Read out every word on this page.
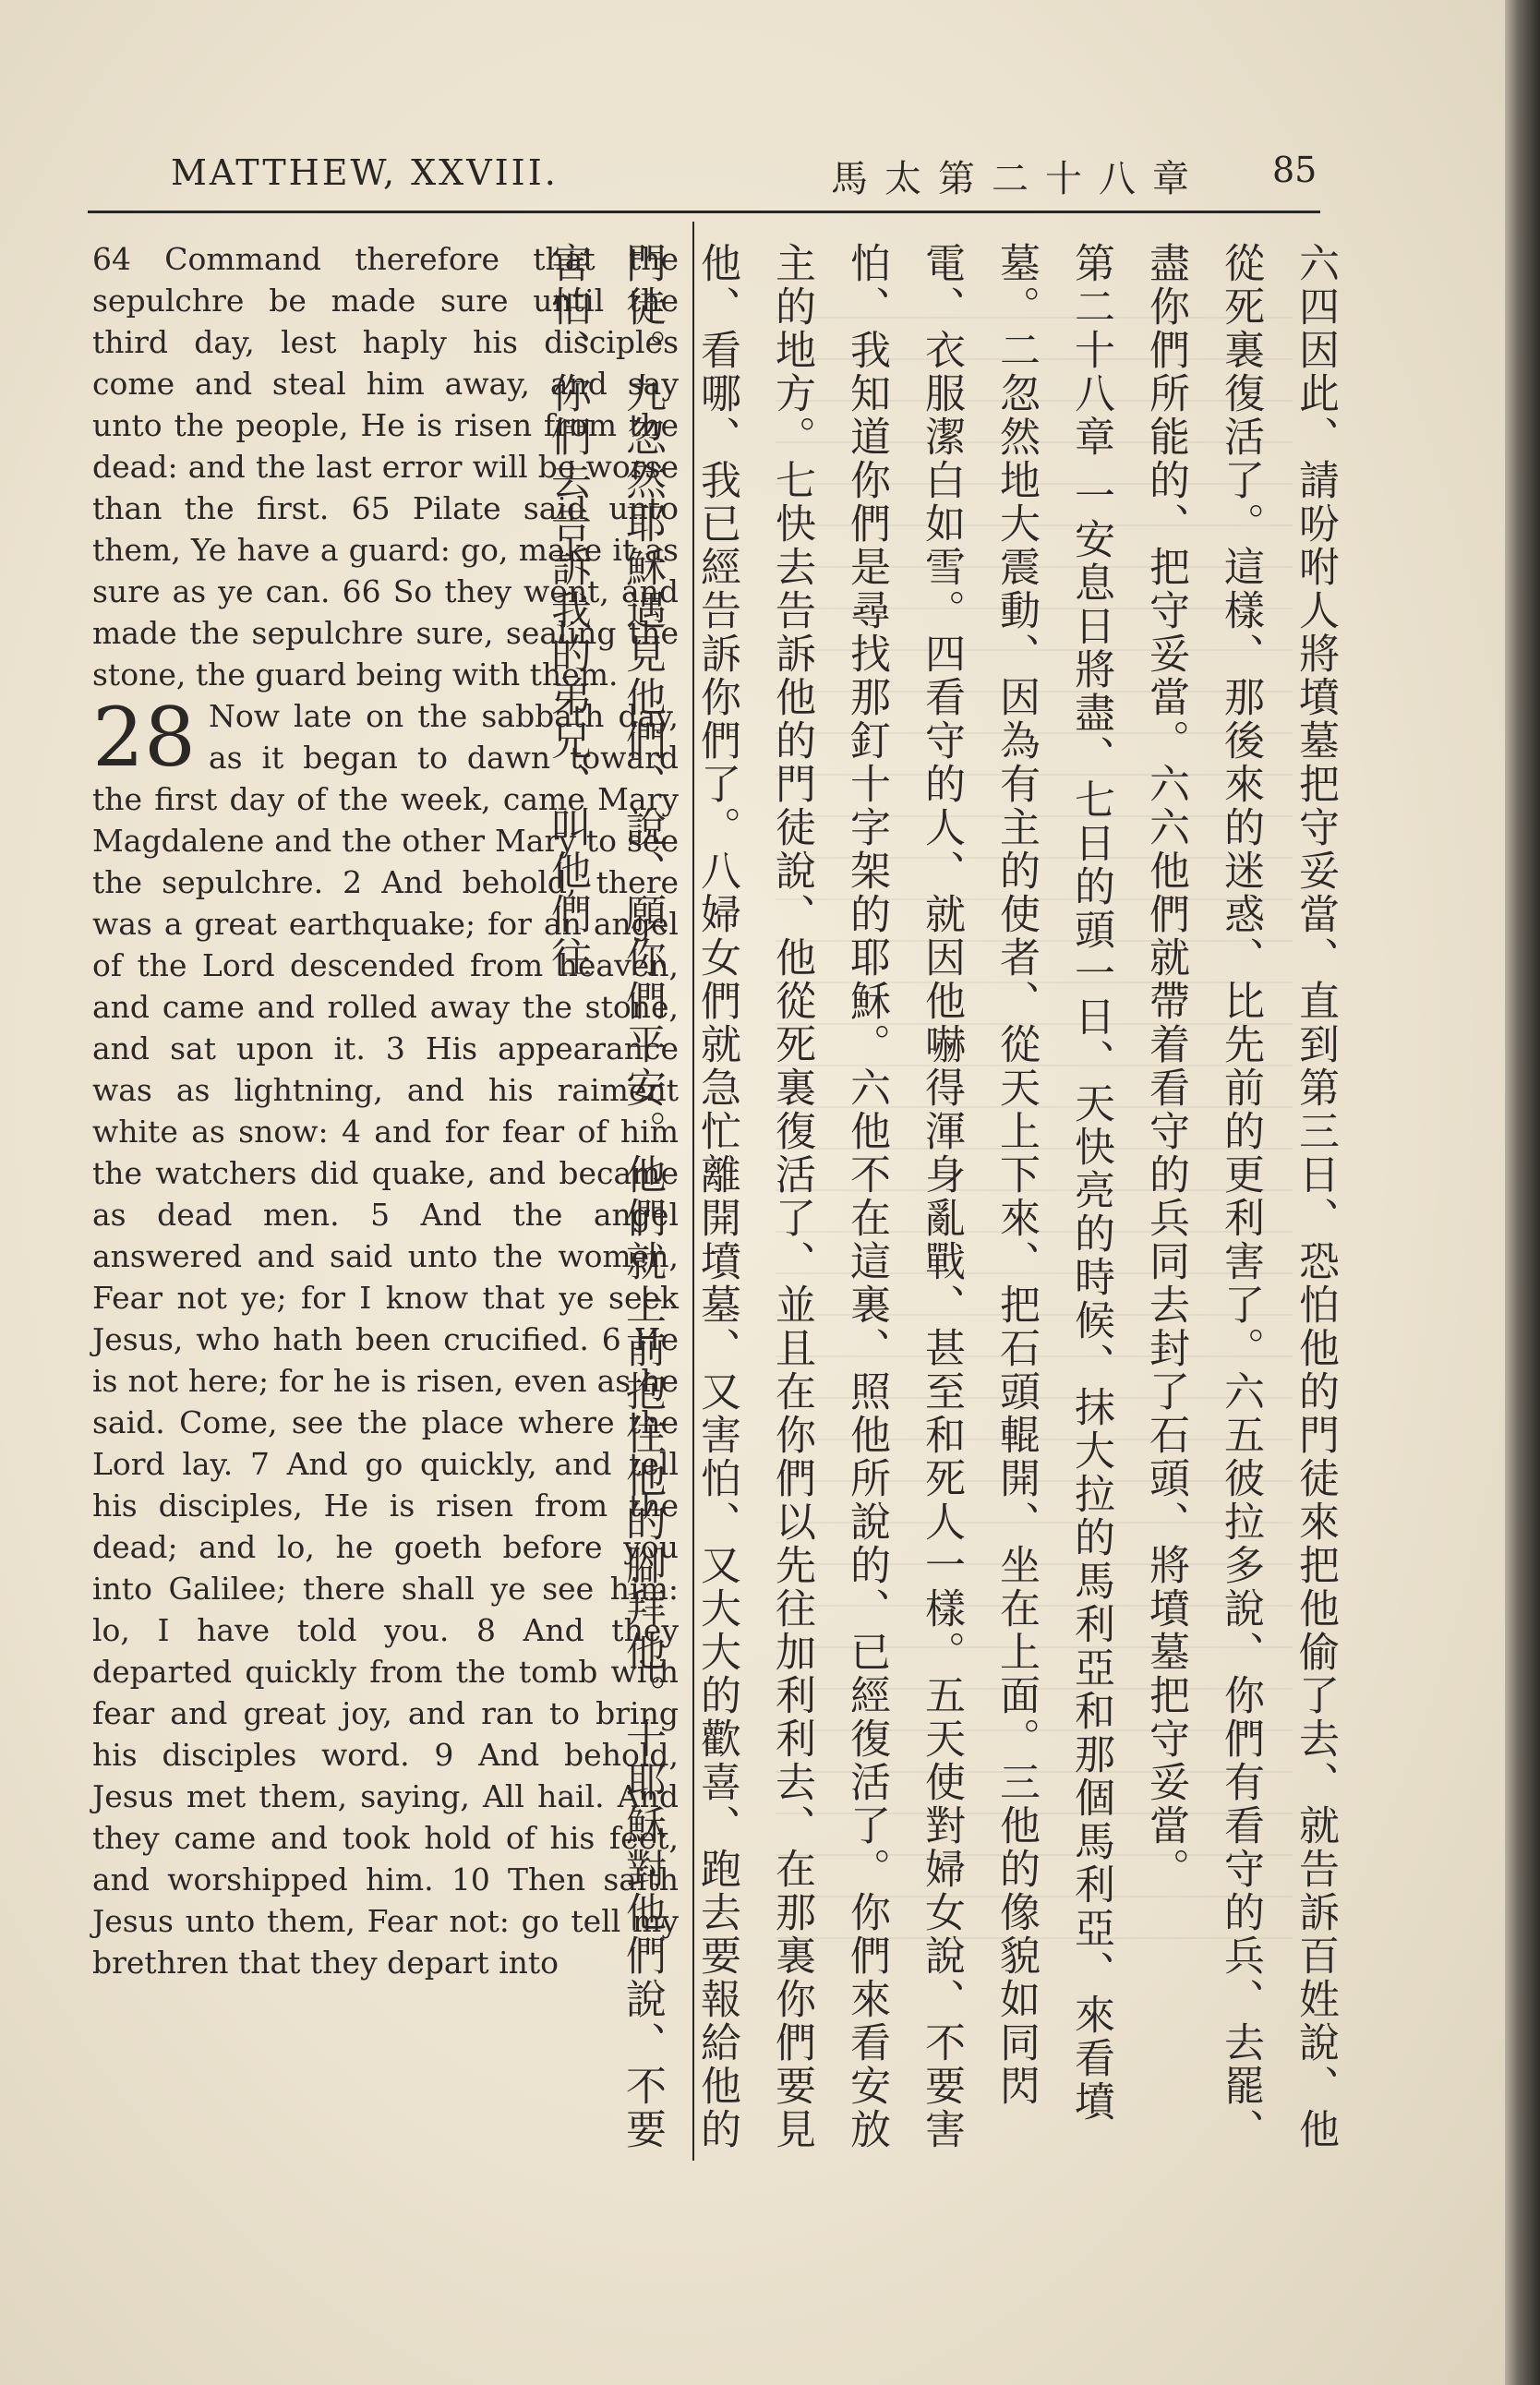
MATTHEW, XXVIII.	馬太第二十八章 85

64 Command therefore that the sepulchre be made sure until the third day, lest haply his disciples come and steal him away, and say unto the people, He is risen from the dead: and the last error will be worse than the first. 65 Pilate said unto them, Ye have a guard: go, make it as sure as ye can. 66 So they went, and made the sepulchre sure, sealing the stone, the guard being with them.

28 Now late on the sabbath day, as it began to dawn toward the first day of the week, came Mary Magdalene and the other Mary to see the sepulchre. 2 And behold, there was a great earthquake; for an angel of the Lord descended from heaven, and came and rolled away the stone, and sat upon it. 3 His appearance was as lightning, and his raiment white as snow: 4 and for fear of him the watchers did quake, and became as dead men. 5 And the angel answered and said unto the women, Fear not ye; for I know that ye seek Jesus, who hath been crucified. 6 He is not here; for he is risen, even as he said. Come, see the place where the Lord lay. 7 And go quickly, and tell his disciples, He is risen from the dead; and lo, he goeth before you into Galilee; there shall ye see him: lo, I have told you. 8 And they departed quickly from the tomb with fear and great joy, and ran to bring his disciples word. 9 And behold, Jesus met them, saying, All hail. And they came and took hold of his feet, and worshipped him. 10 Then saith Jesus unto them, Fear not: go tell my brethren that they depart into	六四因此、請吩咐人將墳墓把守妥當、直到第三日、恐怕他的門徒來把他偷了去、就告訴百姓說、他從死裏復活了。這樣、那後來的迷惑、比先前的更利害了。六五彼拉多說、你們有看守的兵、去罷、盡你們所能的、把守妥當。六六他們就帶着看守的兵同去封了石頭、將墳墓把守妥當。

第二十八章 一安息日將盡、七日的頭一日、天快亮的時候、抹大拉的馬利亞和那個馬利亞、來看墳墓。二忽然地大震動、因為有主的使者、從天上下來、把石頭輥開、坐在上面。三他的像貌如同閃電、衣服潔白如雪。四看守的人、就因他嚇得渾身亂戰、甚至和死人一樣。五天使對婦女說、不要害怕、我知道你們是尋找那釘十字架的耶穌。六他不在這裏、照他所說的、已經復活了。你們來看安放主的地方。七快去告訴他的門徒說、他從死裏復活了、並且在你們以先往加利利去、在那裏你們要見他、看哪、我已經告訴你們了。八婦女們就急忙離開墳墓、又害怕、又大大的歡喜、跑去要報給他的門徒。九忽然耶穌遇見他們、說、願你們平安。他們就上前抱住他的腳拜他。十耶穌對他們說、不要害怕、你們去告訴我的弟兄、叫他們往
